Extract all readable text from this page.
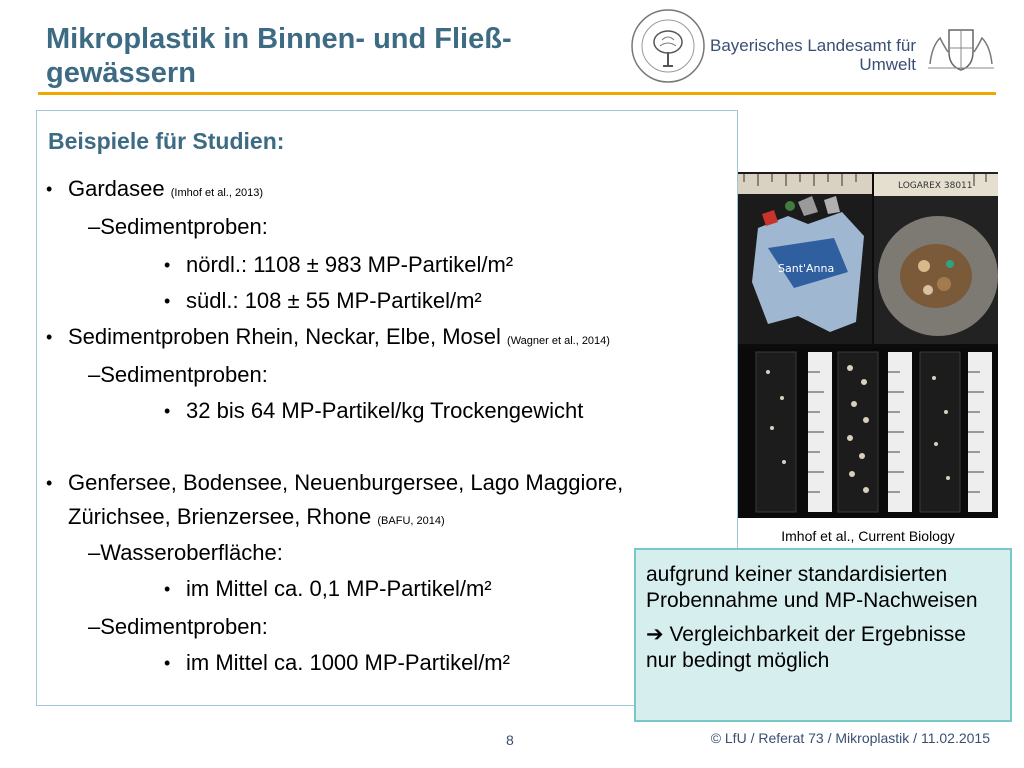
Mikroplastik in Binnen- und Fließ-
gewässern
Bayerisches Landesamt für
Umwelt
Beispiele für Studien:
• Gardasee (Imhof et al., 2013)
–Sedimentproben:
• nördl.: 1108 ± 983 MP-Partikel/m²
• südl.: 108 ± 55 MP-Partikel/m²
• Sedimentproben Rhein, Neckar, Elbe, Mosel (Wagner et al., 2014)
–Sedimentproben:
• 32 bis 64 MP-Partikel/kg Trockengewicht
• Genfersee, Bodensee, Neuenburgersee, Lago Maggiore,
Zürichsee, Brienzersee, Rhone (BAFU, 2014)
–Wasseroberfläche:
• im Mittel ca. 0,1 MP-Partikel/m²
–Sedimentproben:
• im Mittel ca. 1000 MP-Partikel/m²
Sant'Anna
LOGAREX 38011
Imhof et al., Current Biology

aufgrund keiner standardisierten Probennahme und MP-Nachweisen

➔ Vergleichbarkeit der Ergebnisse nur bedingt möglich

8	© LfU / Referat 73 / Mikroplastik / 11.02.2015
